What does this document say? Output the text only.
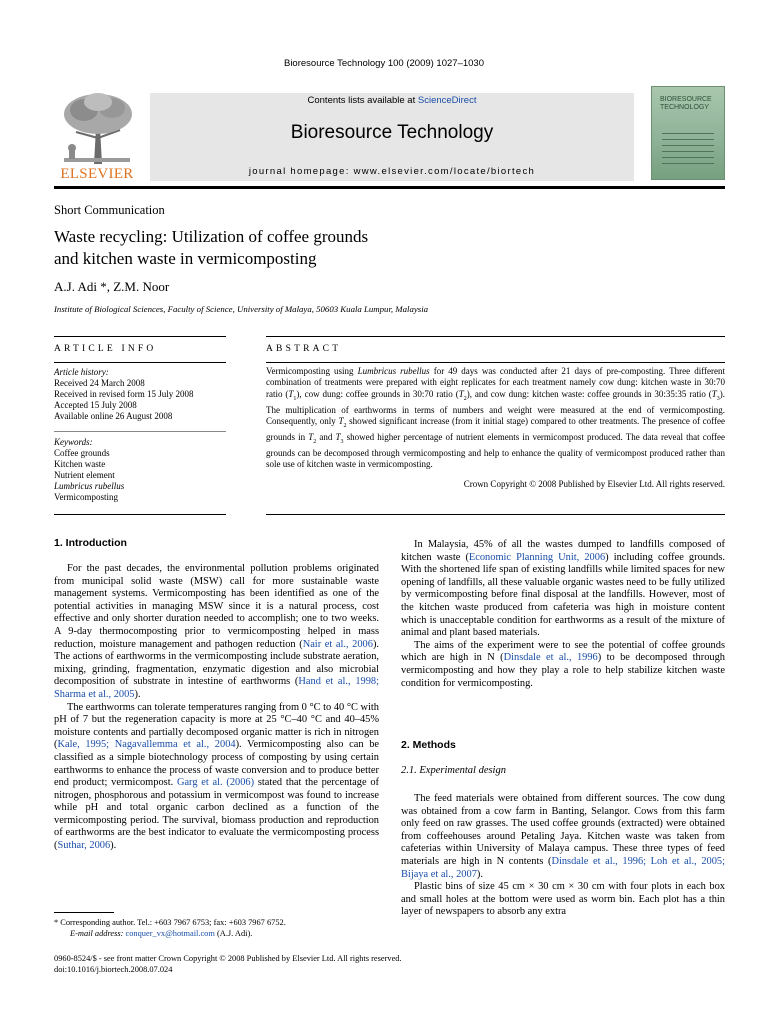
Bioresource Technology 100 (2009) 1027–1030
ELSEVIER
Contents lists available at ScienceDirect
Bioresource Technology
journal homepage: www.elsevier.com/locate/biortech
BIORESOURCE TECHNOLOGY
Short Communication
Waste recycling: Utilization of coffee grounds
and kitchen waste in vermicomposting
A.J. Adi *, Z.M. Noor
Institute of Biological Sciences, Faculty of Science, University of Malaya, 50603 Kuala Lumpur, Malaysia
ARTICLE INFO
Article history:
Received 24 March 2008
Received in revised form 15 July 2008
Accepted 15 July 2008
Available online 26 August 2008
Keywords:
Coffee grounds
Kitchen waste
Nutrient element
Lumbricus rubellus
Vermicomposting
ABSTRACT
Vermicomposting using Lumbricus rubellus for 49 days was conducted after 21 days of pre-composting. Three different combination of treatments were prepared with eight replicates for each treatment namely cow dung: kitchen waste in 30:70 ratio $(T_1)$, cow dung: coffee grounds in 30:70 ratio $(T_2)$, and cow dung: kitchen waste: coffee grounds in 30:35:35 ratio $(T_3)$. The multiplication of earthworms in terms of numbers and weight were measured at the end of vermicomposting. Consequently, only $T_2$ showed significant increase (from it initial stage) compared to other treatments. The presence of coffee grounds in $T_2$ and $T_3$ showed higher percentage of nutrient elements in vermicompost produced. The data reveal that coffee grounds can be decomposed through vermicomposting and help to enhance the quality of vermicompost produced rather than sole use of kitchen waste in vermicomposting.
Crown Copyright © 2008 Published by Elsevier Ltd. All rights reserved.
1. Introduction

For the past decades, the environmental pollution problems originated from municipal solid waste (MSW) call for more sustainable waste management systems. Vermicomposting has been identified as one of the potential activities in managing MSW since it is a natural process, cost effective and only shorter duration needed to accomplish; one to two weeks. A 9-day thermocomposting prior to vermicomposting helped in mass reduction, moisture management and pathogen reduction (Nair et al., 2006). The actions of earthworms in the vermicomposting include substrate aeration, mixing, grinding, fragmentation, enzymatic digestion and also microbial decomposition of substrate in intestine of earthworms (Hand et al., 1998; Sharma et al., 2005).

The earthworms can tolerate temperatures ranging from 0 °C to 40 °C with pH of 7 but the regeneration capacity is more at 25 °C–40 °C and 40–45% moisture contents and partially decomposed organic matter is rich in nitrogen (Kale, 1995; Nagavallemma et al., 2004). Vermicomposting also can be classified as a simple biotechnology process of composting by using certain earthworms to enhance the process of waste conversion and to produce better end product; vermicompost. Garg et al. (2006) stated that the percentage of nitrogen, phosphorous and potassium in vermicompost was found to increase while pH and total organic carbon declined as a function of the vermicomposting period. The survival, biomass production and reproduction of earthworms are the best indicator to evaluate the vermicomposting process (Suthar, 2006).

* Corresponding author. Tel.: +603 7967 6753; fax: +603 7967 6752.
E-mail address: conquer_vx@hotmail.com (A.J. Adi).
0960-8524/$ - see front matter Crown Copyright © 2008 Published by Elsevier Ltd. All rights reserved.
doi:10.1016/j.biortech.2008.07.024

In Malaysia, 45% of all the wastes dumped to landfills composed of kitchen waste (Economic Planning Unit, 2006) including coffee grounds. With the shortened life span of existing landfills while limited spaces for new opening of landfills, all these valuable organic wastes need to be fully utilized by vermicomposting before final disposal at the landfills. However, most of the kitchen waste produced from cafeteria was high in moisture content which is unacceptable condition for earthworms as a result of the mixture of animal and plant based materials.

The aims of the experiment were to see the potential of coffee grounds which are high in N (Dinsdale et al., 1996) to be decomposed through vermicomposting and how they play a role to help stabilize kitchen waste condition for vermicomposting.

2. Methods
2.1. Experimental design

The feed materials were obtained from different sources. The cow dung was obtained from a cow farm in Banting, Selangor. Cows from this farm only feed on raw grasses. The used coffee grounds (extracted) were obtained from coffeehouses around Petaling Jaya. Kitchen waste was taken from cafeterias within University of Malaya campus. These three types of feed materials are high in N contents (Dinsdale et al., 1996; Loh et al., 2005; Bijaya et al., 2007).

Plastic bins of size 45 cm × 30 cm × 30 cm with four plots in each box and small holes at the bottom were used as worm bin. Each plot has a thin layer of newspapers to absorb any extra
